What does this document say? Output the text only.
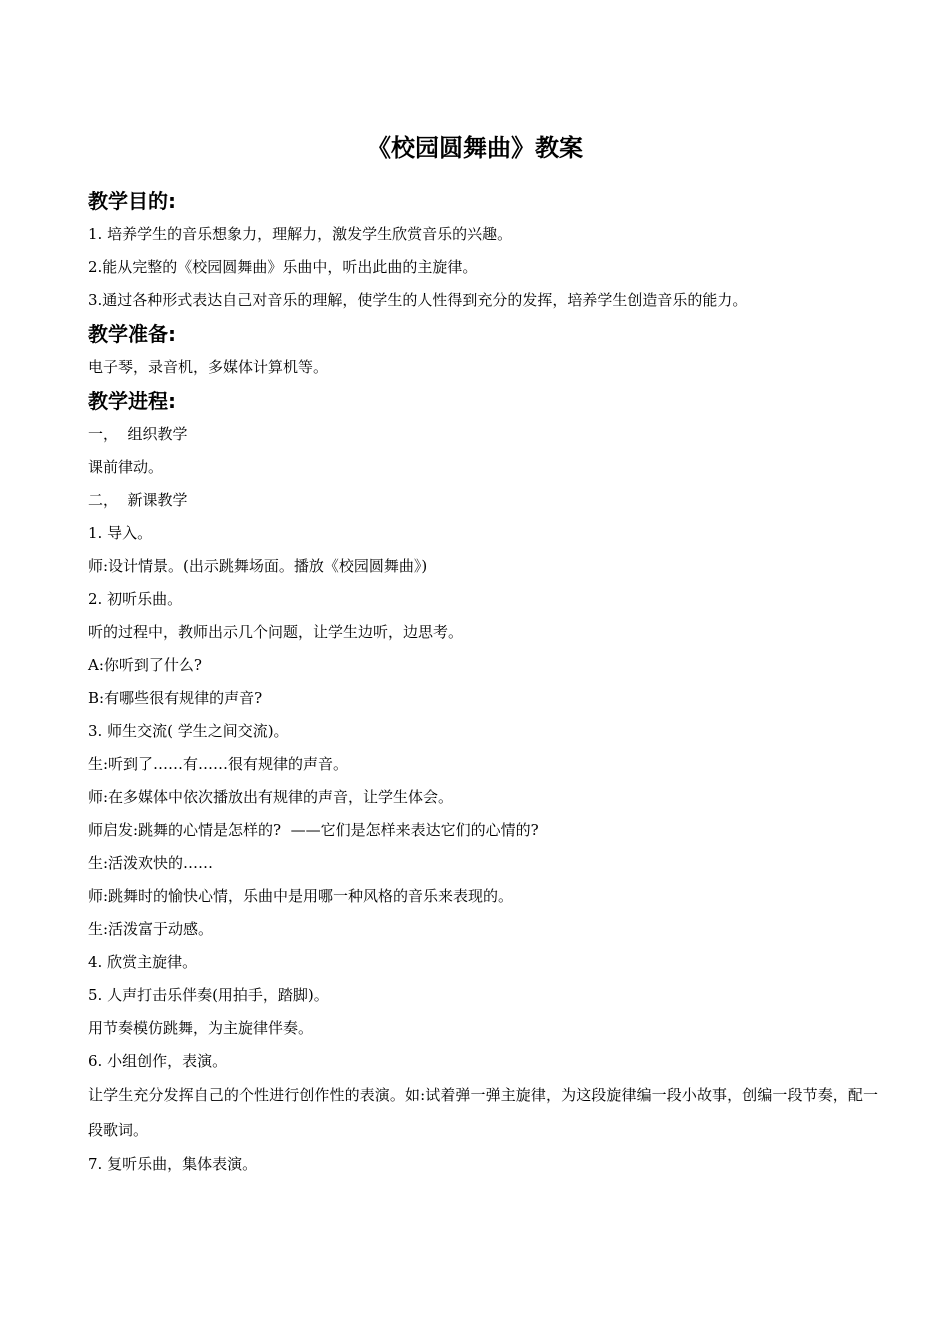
《校园圆舞曲》教案
教学目的:

1. 培养学生的音乐想象力，理解力，激发学生欣赏音乐的兴趣。

2.能从完整的《校园圆舞曲》乐曲中，听出此曲的主旋律。

3.通过各种形式表达自己对音乐的理解，使学生的人性得到充分的发挥，培养学生创造音乐的能力。

教学准备:

电子琴，录音机，多媒体计算机等。

教学进程:

一，  组织教学

课前律动。

二，  新课教学

1. 导入。

师:设计情景。(出示跳舞场面。播放《校园圆舞曲》)

2. 初听乐曲。

听的过程中，教师出示几个问题，让学生边听，边思考。

A:你听到了什么?

B:有哪些很有规律的声音?

3. 师生交流( 学生之间交流)。

生:听到了……有……很有规律的声音。

师:在多媒体中依次播放出有规律的声音，让学生体会。

师启发:跳舞的心情是怎样的?  ——它们是怎样来表达它们的心情的?

生:活泼欢快的……

师:跳舞时的愉快心情，乐曲中是用哪一种风格的音乐来表现的。

生:活泼富于动感。

4. 欣赏主旋律。

5. 人声打击乐伴奏(用拍手，踏脚)。

用节奏模仿跳舞，为主旋律伴奏。

6. 小组创作，表演。

让学生充分发挥自己的个性进行创作性的表演。如:试着弹一弹主旋律，为这段旋律编一段小故事，创编一段节奏，配一段歌词。

7. 复听乐曲，集体表演。
